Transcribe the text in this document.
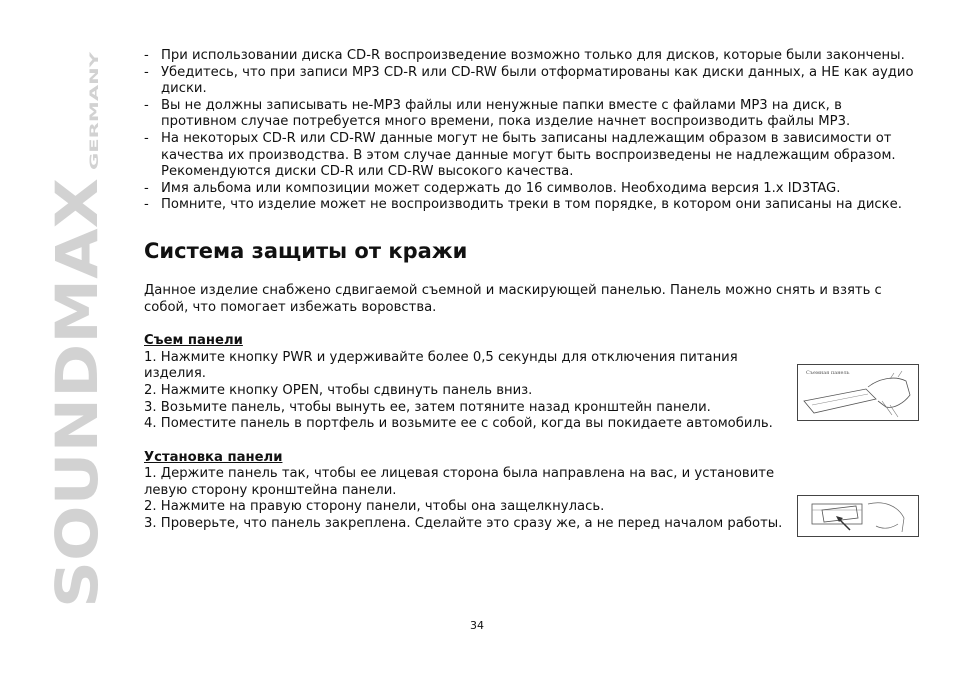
SOUNDMAX
GERMANY
- При использовании диска CD-R воспроизведение возможно только для дисков, которые были закончены.
- Убедитесь, что при записи MP3 CD-R или CD-RW были отформатированы как диски данных, а НЕ как аудио диски.
- Вы не должны записывать не-MP3 файлы или ненужные папки вместе с файлами MP3 на диск, в противном случае потребуется много времени, пока изделие начнет воспроизводить файлы MP3.
- На некоторых CD-R или CD-RW данные могут не быть записаны надлежащим образом в зависимости от качества их производства. В этом случае данные могут быть воспроизведены не надлежащим образом. Рекомендуются диски CD-R или CD-RW высокого качества.
- Имя альбома или композиции может содержать до 16 символов. Необходима версия 1.x ID3TAG.
- Помните, что изделие может не воспроизводить треки в том порядке, в котором они записаны на диске.
Система защиты от кражи

Данное изделие снабжено сдвигаемой съемной и маскирующей панелью. Панель можно снять и взять с собой, что помогает избежать воровства.

Съем панели

1. Нажмите кнопку PWR и удерживайте более 0,5 секунды для отключения питания изделия.

2. Нажмите кнопку OPEN, чтобы сдвинуть панель вниз.

3. Возьмите панель, чтобы вынуть ее, затем потяните назад кронштейн панели.

4. Поместите панель в портфель и возьмите ее с собой, когда вы покидаете автомобиль.

Установка панели

1. Держите панель так, чтобы ее лицевая сторона была направлена на вас, и установите левую сторону кронштейна панели.

2. Нажмите на правую сторону панели, чтобы она защелкнулась.

3. Проверьте, что панель закреплена. Сделайте это сразу же, а не перед началом работы.

Съемная панель
34
